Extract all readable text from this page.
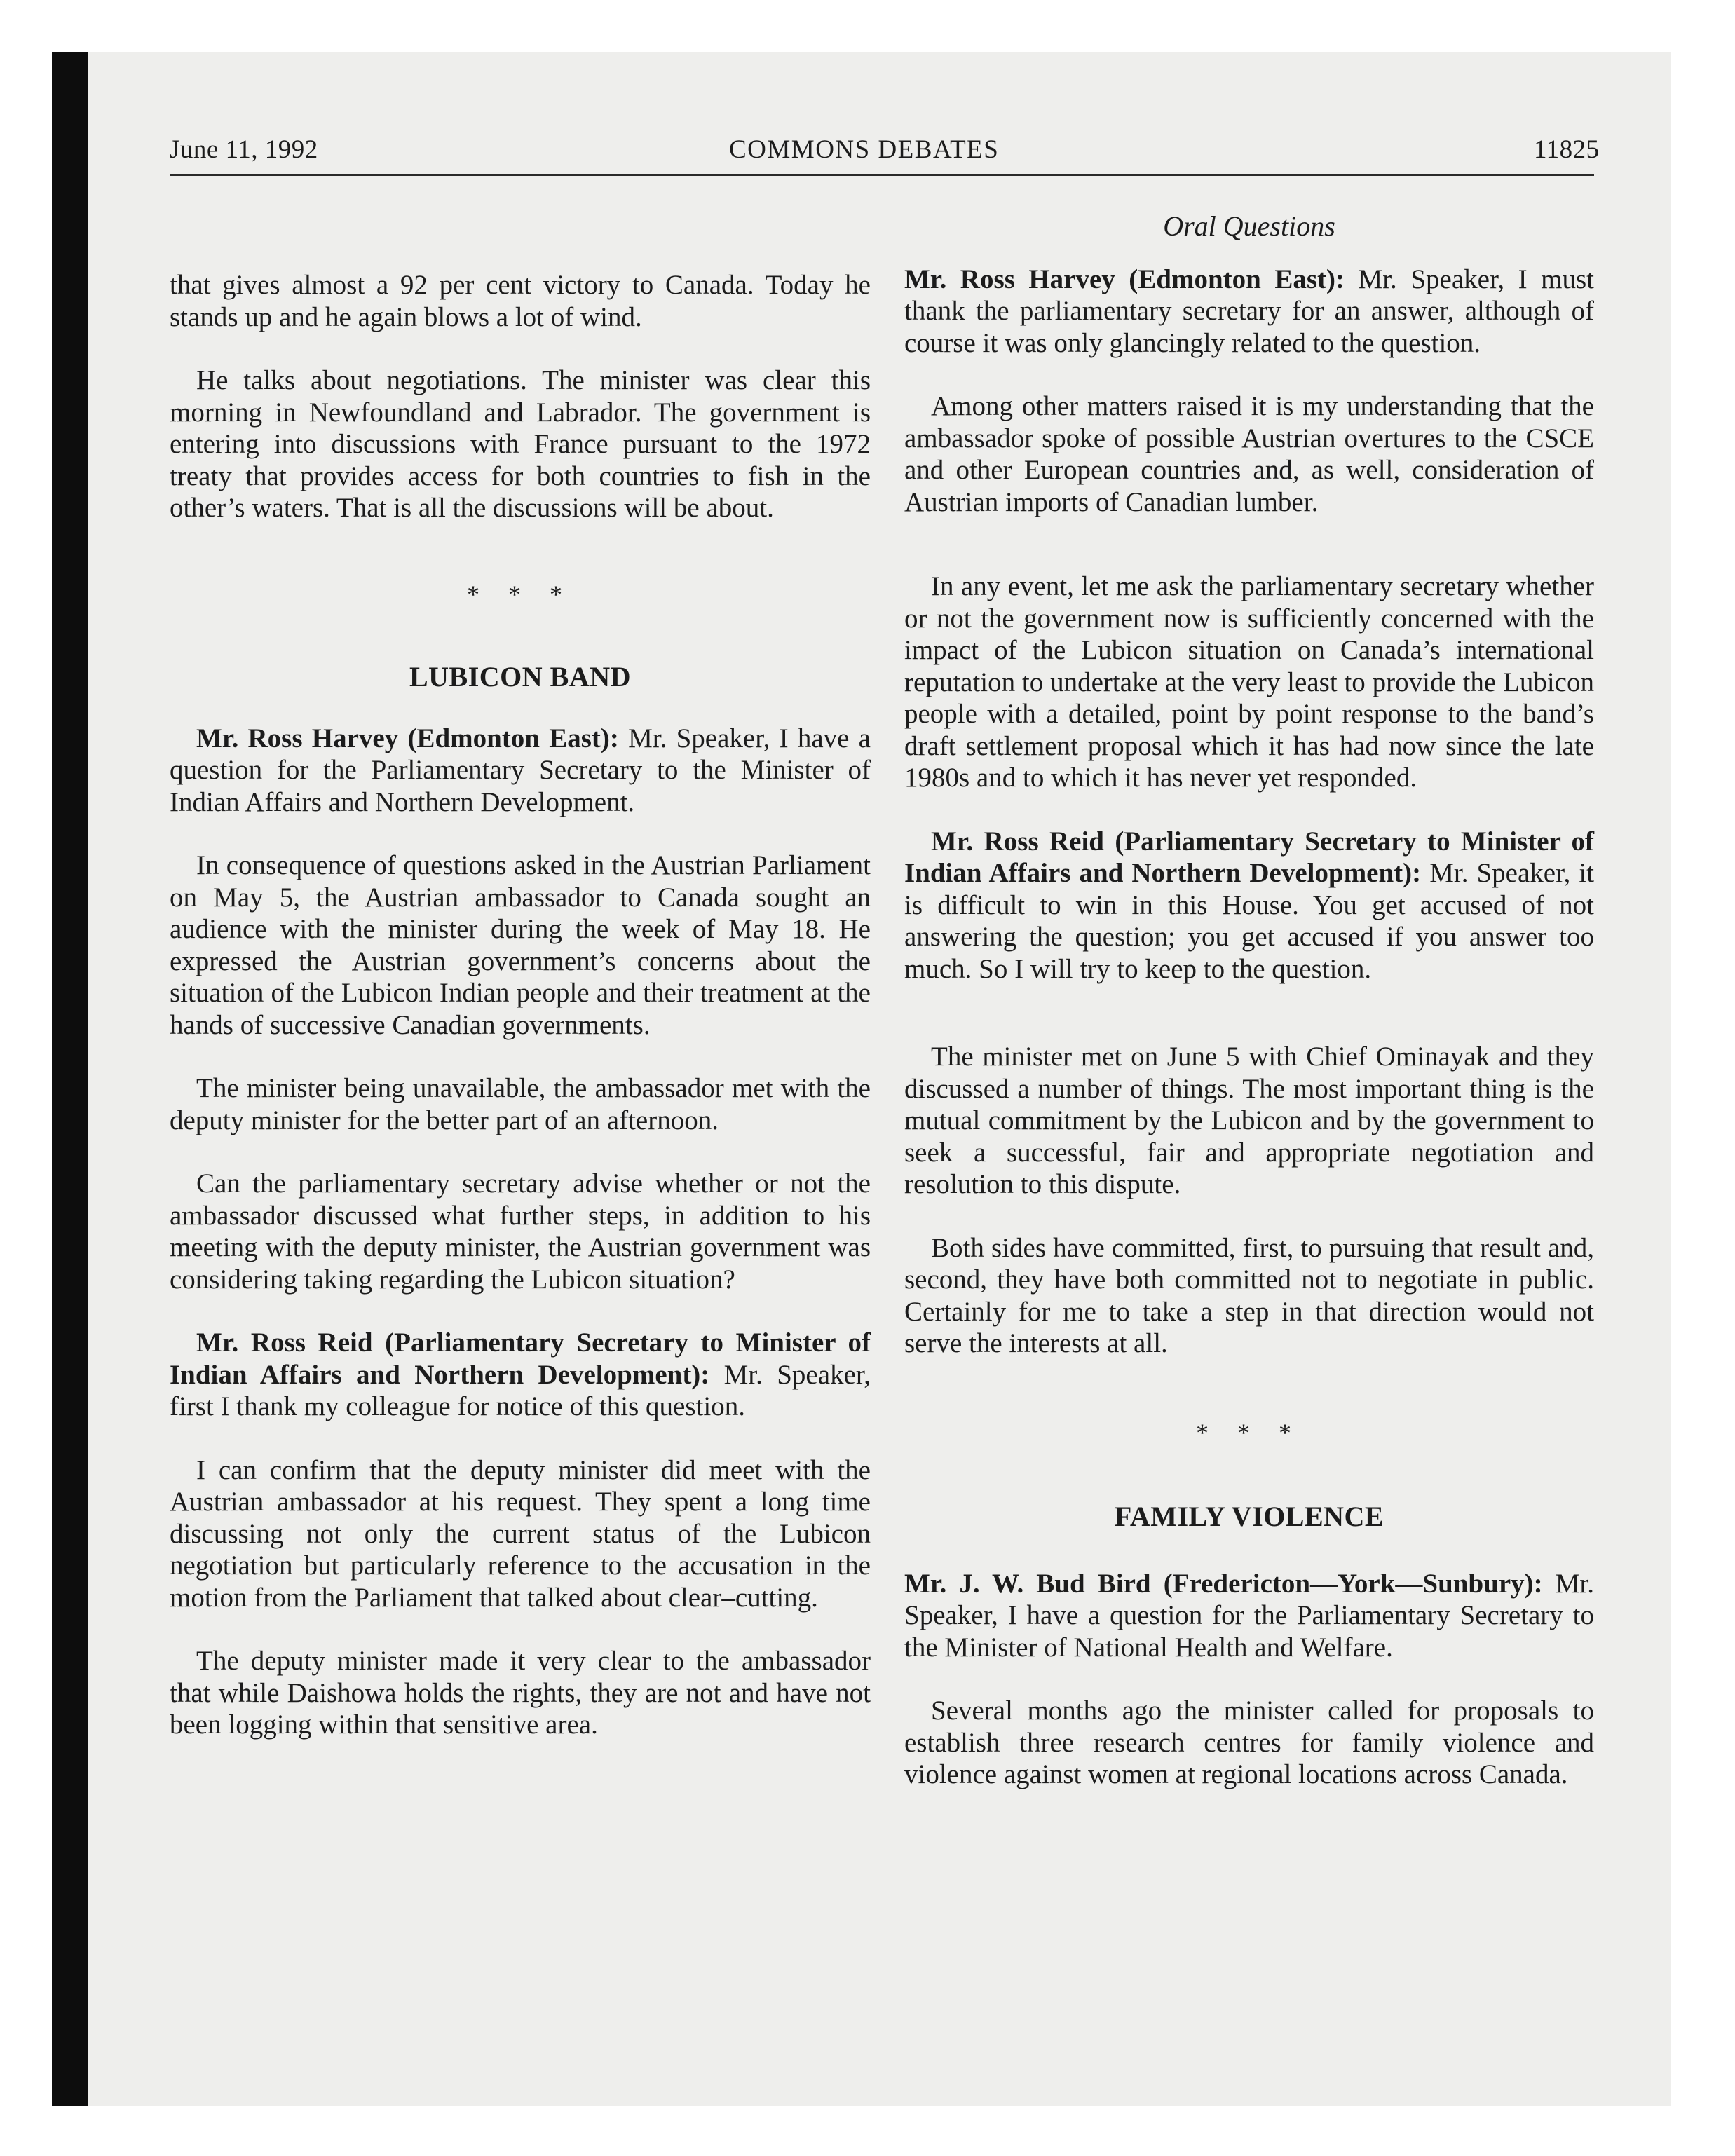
June 11, 1992	COMMONS DEBATES	11825

that gives almost a 92 per cent victory to Canada. Today he stands up and he again blows a lot of wind.

He talks about negotiations. The minister was clear this morning in Newfoundland and Labrador. The government is entering into discussions with France pursuant to the 1972 treaty that provides access for both countries to fish in the other’s waters. That is all the discussions will be about.

* * *

LUBICON BAND

Mr. Ross Harvey (Edmonton East): Mr. Speaker, I have a question for the Parliamentary Secretary to the Minister of Indian Affairs and Northern Development.

In consequence of questions asked in the Austrian Parliament on May 5, the Austrian ambassador to Canada sought an audience with the minister during the week of May 18. He expressed the Austrian government’s concerns about the situation of the Lubicon Indian people and their treatment at the hands of successive Canadian governments.

The minister being unavailable, the ambassador met with the deputy minister for the better part of an afternoon.

Can the parliamentary secretary advise whether or not the ambassador discussed what further steps, in addition to his meeting with the deputy minister, the Austrian government was considering taking regarding the Lubicon situation?

Mr. Ross Reid (Parliamentary Secretary to Minister of Indian Affairs and Northern Development): Mr. Speaker, first I thank my colleague for notice of this question.

I can confirm that the deputy minister did meet with the Austrian ambassador at his request. They spent a long time discussing not only the current status of the Lubicon negotiation but particularly reference to the accusation in the motion from the Parliament that talked about clear–cutting.

The deputy minister made it very clear to the ambassador that while Daishowa holds the rights, they are not and have not been logging within that sensitive area.

Oral Questions

Mr. Ross Harvey (Edmonton East): Mr. Speaker, I must thank the parliamentary secretary for an answer, although of course it was only glancingly related to the question.

Among other matters raised it is my understanding that the ambassador spoke of possible Austrian overtures to the CSCE and other European countries and, as well, consideration of Austrian imports of Canadian lumber.

In any event, let me ask the parliamentary secretary whether or not the government now is sufficiently concerned with the impact of the Lubicon situation on Canada’s international reputation to undertake at the very least to provide the Lubicon people with a detailed, point by point response to the band’s draft settlement proposal which it has had now since the late 1980s and to which it has never yet responded.

Mr. Ross Reid (Parliamentary Secretary to Minister of Indian Affairs and Northern Development): Mr. Speaker, it is difficult to win in this House. You get accused of not answering the question; you get accused if you answer too much. So I will try to keep to the question.

The minister met on June 5 with Chief Ominayak and they discussed a number of things. The most important thing is the mutual commitment by the Lubicon and by the government to seek a successful, fair and appropriate negotiation and resolution to this dispute.

Both sides have committed, first, to pursuing that result and, second, they have both committed not to negotiate in public. Certainly for me to take a step in that direction would not serve the interests at all.

* * *

FAMILY VIOLENCE

Mr. J. W. Bud Bird (Fredericton—York—Sunbury): Mr. Speaker, I have a question for the Parliamentary Secretary to the Minister of National Health and Welfare.

Several months ago the minister called for proposals to establish three research centres for family violence and violence against women at regional locations across Canada.
